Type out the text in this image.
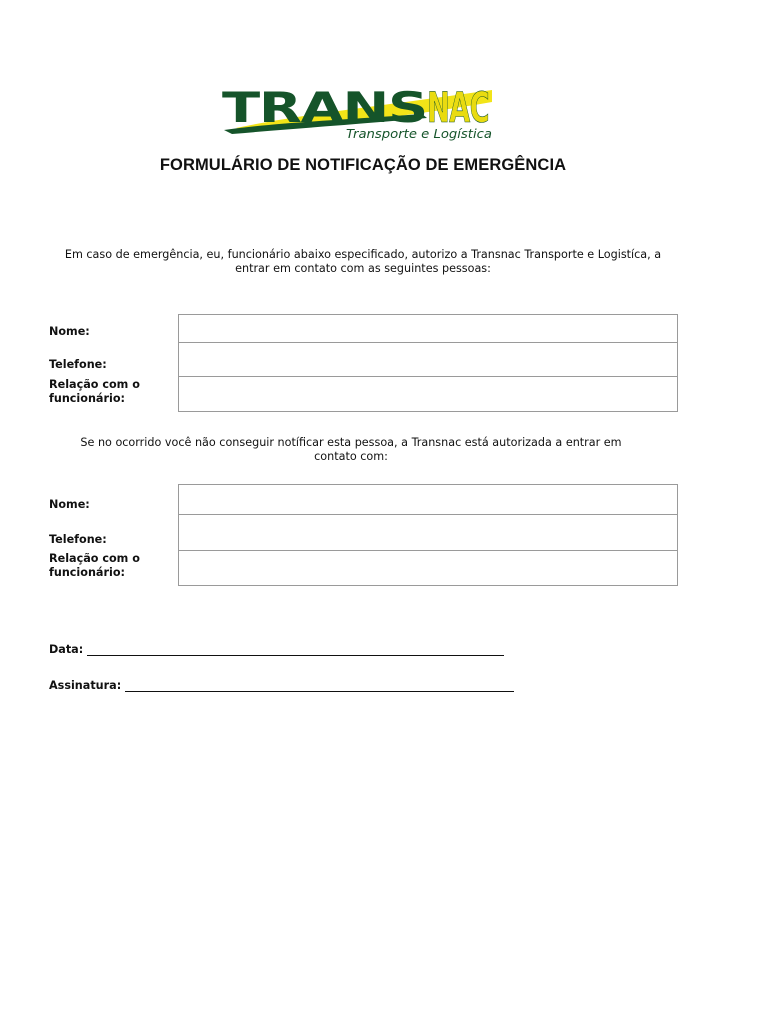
TRANS NAC
Transporte e Logística
FORMULÁRIO DE NOTIFICAÇÃO DE EMERGÊNCIA
Em caso de emergência, eu, funcionário abaixo especificado, autorizo a Transnac Transporte e Logistíca, a
entrar em contato com as seguintes pessoas:
Nome:
Telefone:
Relação com o funcionário:
Se no ocorrido você não conseguir notíficar esta pessoa, a Transnac está autorizada a entrar em
contato com:
Nome:
Telefone:
Relação com o funcionário:
Data:
Assinatura:
